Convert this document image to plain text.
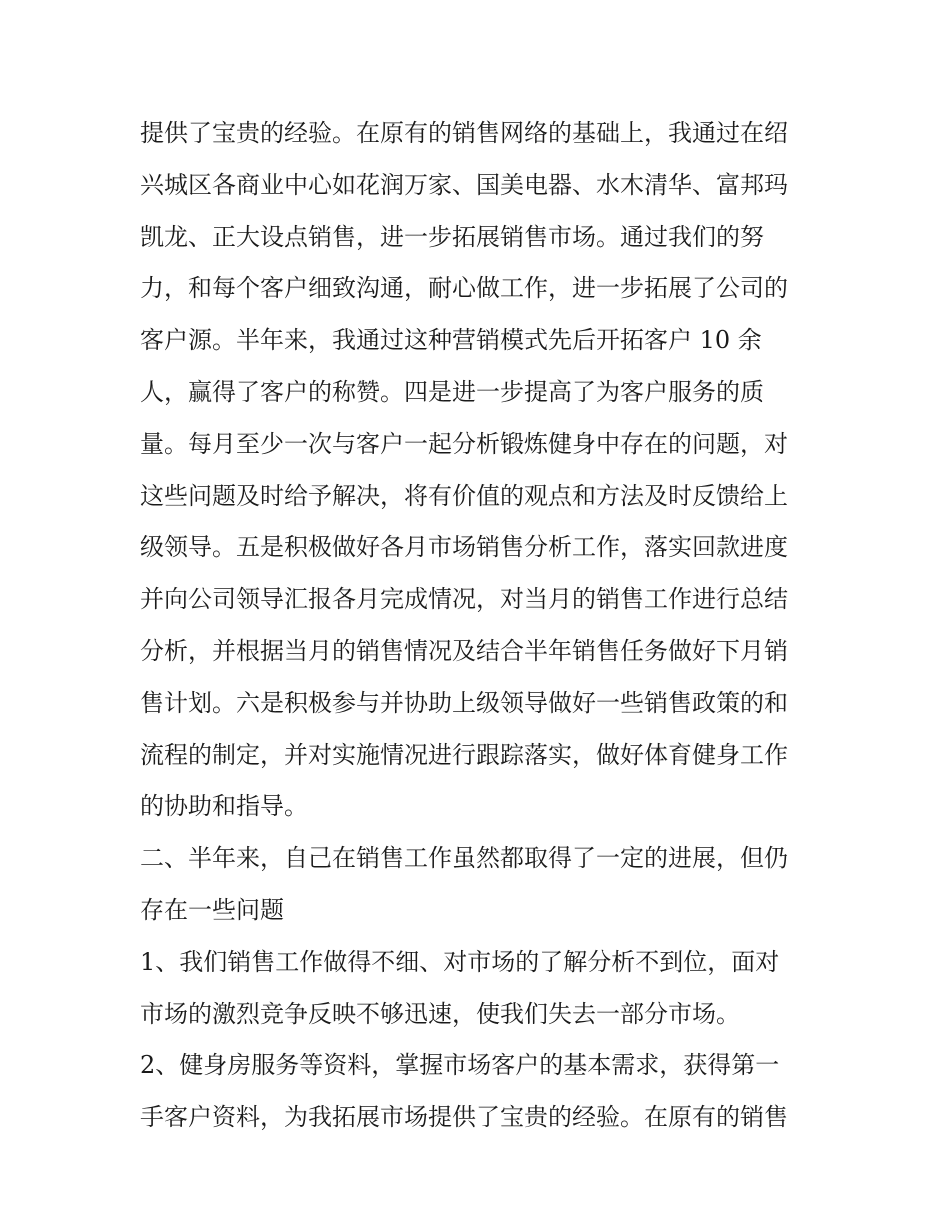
提供了宝贵的经验。在原有的销售网络的基础上，我通过在绍
兴城区各商业中心如花润万家、国美电器、水木清华、富邦玛
凯龙、正大设点销售，进一步拓展销售市场。通过我们的努
力，和每个客户细致沟通，耐心做工作，进一步拓展了公司的
客户源。半年来，我通过这种营销模式先后开拓客户 10 余
人，赢得了客户的称赞。四是进一步提高了为客户服务的质
量。每月至少一次与客户一起分析锻炼健身中存在的问题，对
这些问题及时给予解决，将有价值的观点和方法及时反馈给上
级领导。五是积极做好各月市场销售分析工作，落实回款进度
并向公司领导汇报各月完成情况，对当月的销售工作进行总结
分析，并根据当月的销售情况及结合半年销售任务做好下月销
售计划。六是积极参与并协助上级领导做好一些销售政策的和
流程的制定，并对实施情况进行跟踪落实，做好体育健身工作
的协助和指导。
二、半年来，自己在销售工作虽然都取得了一定的进展，但仍
存在一些问题
1、我们销售工作做得不细、对市场的了解分析不到位，面对
市场的激烈竞争反映不够迅速，使我们失去一部分市场。
2、健身房服务等资料，掌握市场客户的基本需求，获得第一
手客户资料，为我拓展市场提供了宝贵的经验。在原有的销售
